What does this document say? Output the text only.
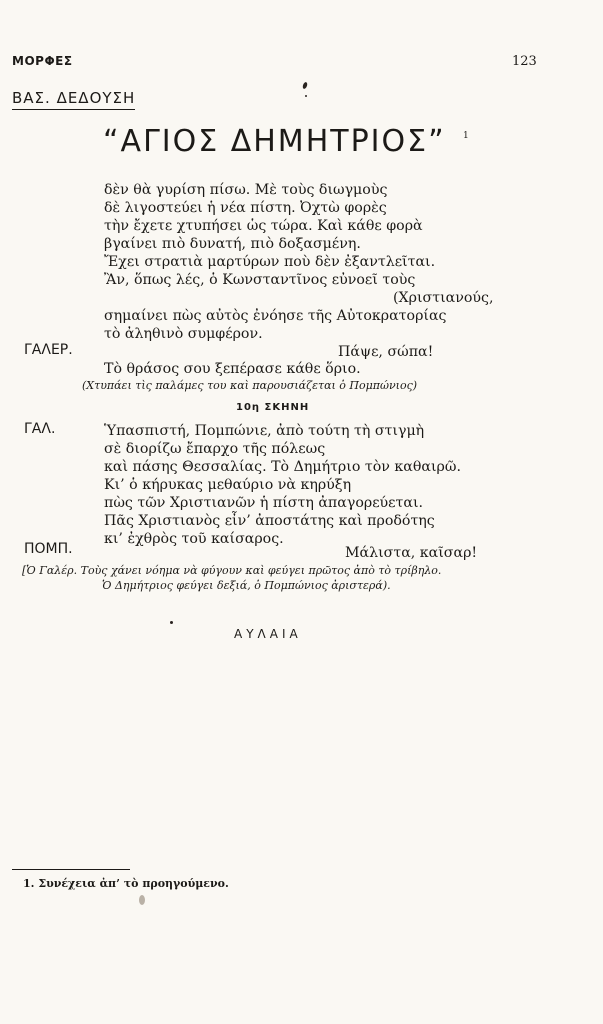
ΜΟΡΦΕΣ	123
ΒΑΣ. ΔΕΔΟΥΣΗ
“ΑΓΙΟΣ ΔΗΜΗΤΡΙΟΣ” 1
δὲν θὰ γυρίση πίσω. Μὲ τοὺς διωγμοὺς
δὲ λιγοστεύει ἡ νέα πίστη. Ὀχτὼ φορὲς
τὴν ἔχετε χτυπήσει ὡς τώρα. Καὶ κάθε φορὰ
βγαίνει πιὸ δυνατή, πιὸ δοξασμένη.
Ἔχει στρατιὰ μαρτύρων ποὺ δὲν ἐξαντλεῖται.
Ἂν, ὅπως λές, ὁ Κωνσταντῖνος εὐνοεῖ τοὺς
(Χριστιανούς,
σημαίνει πὼς αὐτὸς ἐνόησε τῆς Αὐτοκρατορίας
τὸ ἀληθινὸ συμφέρον.
ΓΑΛΕΡ.	Πάψε, σώπα!
Τὸ θράσος σου ξεπέρασε κάθε ὅριο.
(Χτυπάει τὶς παλάμες του καὶ παρουσιάζεται ὁ Πομπώνιος)
10η ΣΚΗΝΗ
ΓΑΛ.	Ὑπασπιστή, Πομπώνιε, ἀπὸ τούτη τὴ στιγμὴ
σὲ διορίζω ἔπαρχο τῆς πόλεως
καὶ πάσης Θεσσαλίας. Τὸ Δημήτριο τὸν καθαιρῶ.
Κι’ ὁ κήρυκας μεθαύριο νὰ κηρύξη
πὼς τῶν Χριστιανῶν ἡ πίστη ἀπαγορεύεται.
Πᾶς Χριστιανὸς εἶν’ ἀποστάτης καὶ προδότης
κι’ ἐχθρὸς τοῦ καίσαρος.
ΠΟΜΠ.	Μάλιστα, καῖσαρ!
[Ὁ Γαλέρ. Τοὺς χάνει νόημα νὰ φύγουν καὶ φεύγει πρῶτος ἀπὸ τὸ τρίβηλο.
Ὁ Δημήτριος φεύγει δεξιά, ὁ Πομπώνιος ἀριστερά).
ΑΥΛΑΙΑ
1. Συνέχεια ἀπ’ τὸ προηγούμενο.
